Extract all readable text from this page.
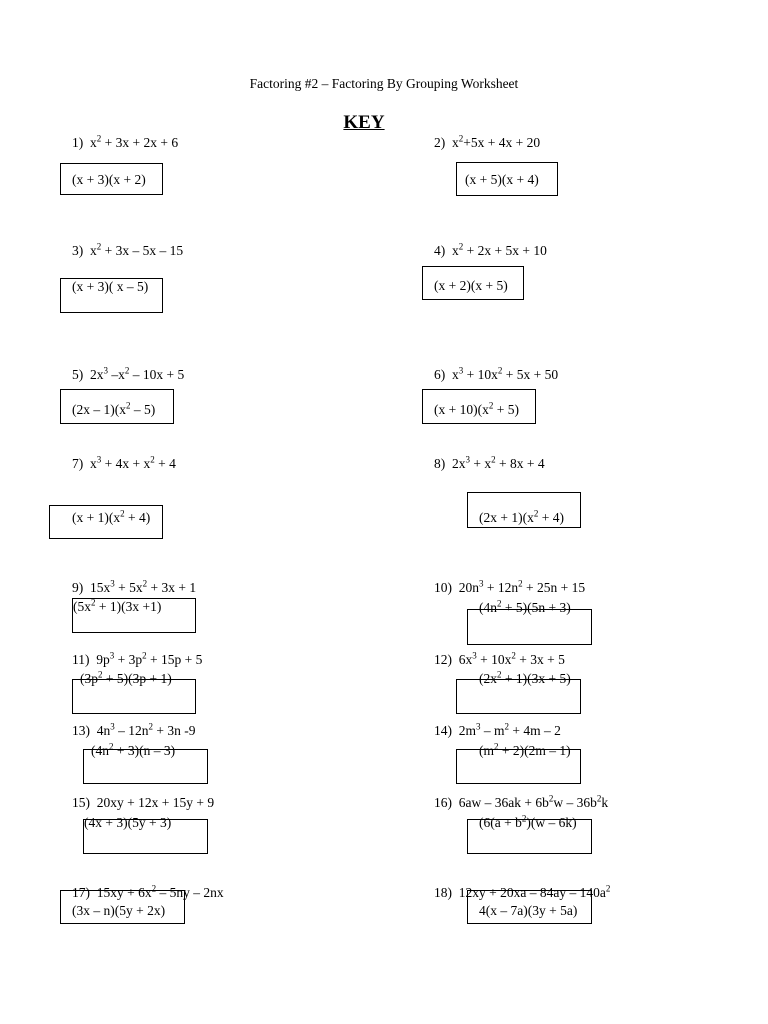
Factoring #2 – Factoring By Grouping Worksheet
KEY
1)  $x^2 + 3x + 2x + 6$
(x + 3)(x + 2)
2)  $x^2+5x + 4x + 20$
(x + 5)(x + 4)
3)  $x^2 + 3x - 5x - 15$
(x + 3)( x – 5)
4)  $x^2 + 2x + 5x + 10$
(x + 2)(x + 5)
5)  $2x^3$ $-x^2 - 10x + 5$
$(2x - 1)(x^2 - 5)$
6)  $x^3 + 10x^2 + 5x + 50$
$(x + 10)(x^2 + 5)$
7)  $x^3 + 4x + x^2 + 4$
$(x + 1)(x^2 + 4)$
8)  $2x^3 + x^2 + 8x + 4$
$(2x + 1)(x^2 + 4)$
9)  $15x^3 + 5x^2 + 3x + 1$
$(5x^2 + 1)(3x +1)$
10)  $20n^3 + 12n^2 + 25n + 15$
$(4n^2 + 5)(5n + 3)$
11)  $9p^3 + 3p^2 + 15p + 5$
$(3p^2 + 5)(3p + 1)$
12)  $6x^3 + 10x^2 + 3x + 5$
$(2x^2 + 1)(3x + 5)$
13)  $4n^3 - 12n^2 + 3n$ -9
$(4n^2 + 3)(n - 3)$
14)  $2m^3 - m^2 + 4m - 2$
$(m^2 + 2)(2m - 1)$
15)  20xy + 12x + 15y + 9
(4x + 3)(5y + 3)
16)  $6aw - 36ak + 6b^2w - 36b^2k$
($6(a + b^2)(w - 6k)$
17)  $15xy + 6x^2 - 5ny - 2nx$
(3x – n)(5y + 2x)
18)  $12xy + 20xa - 84ay - 140a^2$
4(x – 7a)(3y + 5a)
